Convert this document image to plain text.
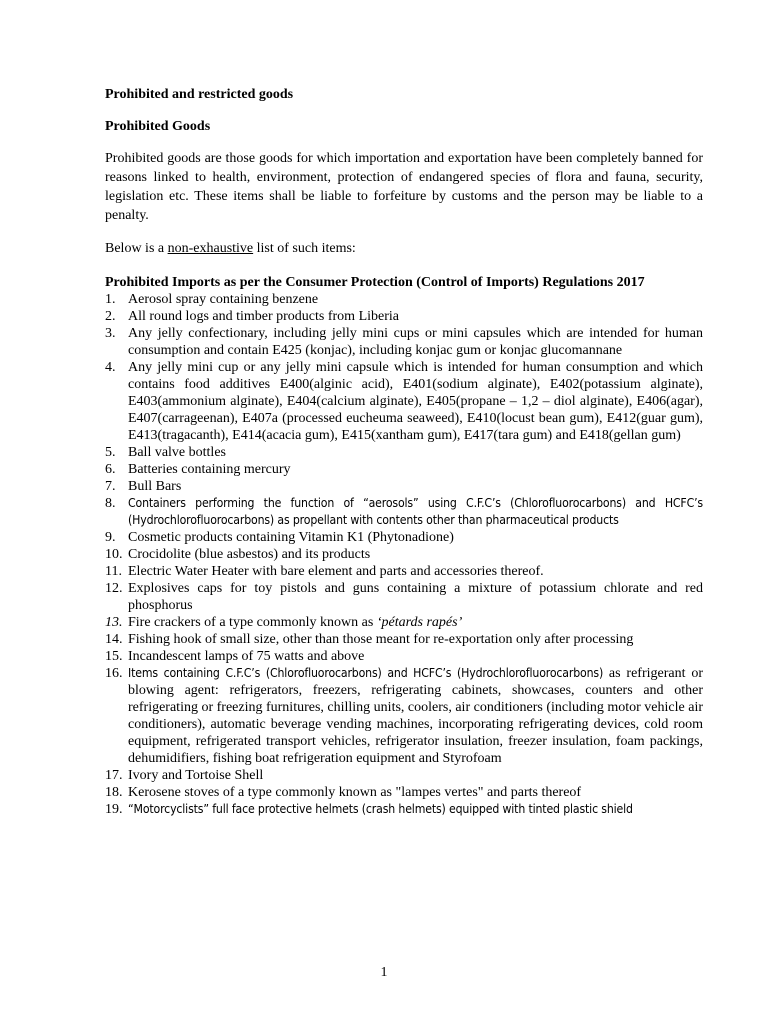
Prohibited and restricted goods

Prohibited Goods

Prohibited goods are those goods for which importation and exportation have been completely banned for reasons linked to health, environment, protection of endangered species of flora and fauna, security, legislation etc. These items shall be liable to forfeiture by customs and the person may be liable to a penalty.

Below is a non-exhaustive list of such items:

Prohibited Imports as per the Consumer Protection (Control of Imports) Regulations 2017

1. Aerosol spray containing benzene
2. All round logs and timber products from Liberia
3. Any jelly confectionary, including jelly mini cups or mini capsules which are intended for human consumption and contain E425 (konjac), including konjac gum or konjac glucomannane
4. Any jelly mini cup or any jelly mini capsule which is intended for human consumption and which contains food additives E400(alginic acid), E401(sodium alginate), E402(potassium alginate), E403(ammonium alginate), E404(calcium alginate), E405(propane – 1,2 – diol alginate), E406(agar), E407(carrageenan), E407a (processed eucheuma seaweed), E410(locust bean gum), E412(guar gum), E413(tragacanth), E414(acacia gum), E415(xantham gum), E417(tara gum) and E418(gellan gum)
5. Ball valve bottles
6. Batteries containing mercury
7. Bull Bars
8. Containers performing the function of “aerosols” using C.F.C’s (Chlorofluorocarbons) and HCFC’s (Hydrochlorofluorocarbons) as propellant with contents other than pharmaceutical products
9. Cosmetic products containing Vitamin K1 (Phytonadione)
10. Crocidolite (blue asbestos) and its products
11. Electric Water Heater with bare element and parts and accessories thereof.
12. Explosives caps for toy pistols and guns containing a mixture of potassium chlorate and red phosphorus
13. Fire crackers of a type commonly known as ‘pétards rapés’
14. Fishing hook of small size, other than those meant for re-exportation only after processing
15. Incandescent lamps of 75 watts and above
16. Items containing C.F.C’s (Chlorofluorocarbons) and HCFC’s (Hydrochlorofluorocarbons) as refrigerant or blowing agent: refrigerators, freezers, refrigerating cabinets, showcases, counters and other refrigerating or freezing furnitures, chilling units, coolers, air conditioners (including motor vehicle air conditioners), automatic beverage vending machines, incorporating refrigerating devices, cold room equipment, refrigerated transport vehicles, refrigerator insulation, freezer insulation, foam packings, dehumidifiers, fishing boat refrigeration equipment and Styrofoam
17. Ivory and Tortoise Shell
18. Kerosene stoves of a type commonly known as "lampes vertes" and parts thereof
19. “Motorcyclists” full face protective helmets (crash helmets) equipped with tinted plastic shield
1
